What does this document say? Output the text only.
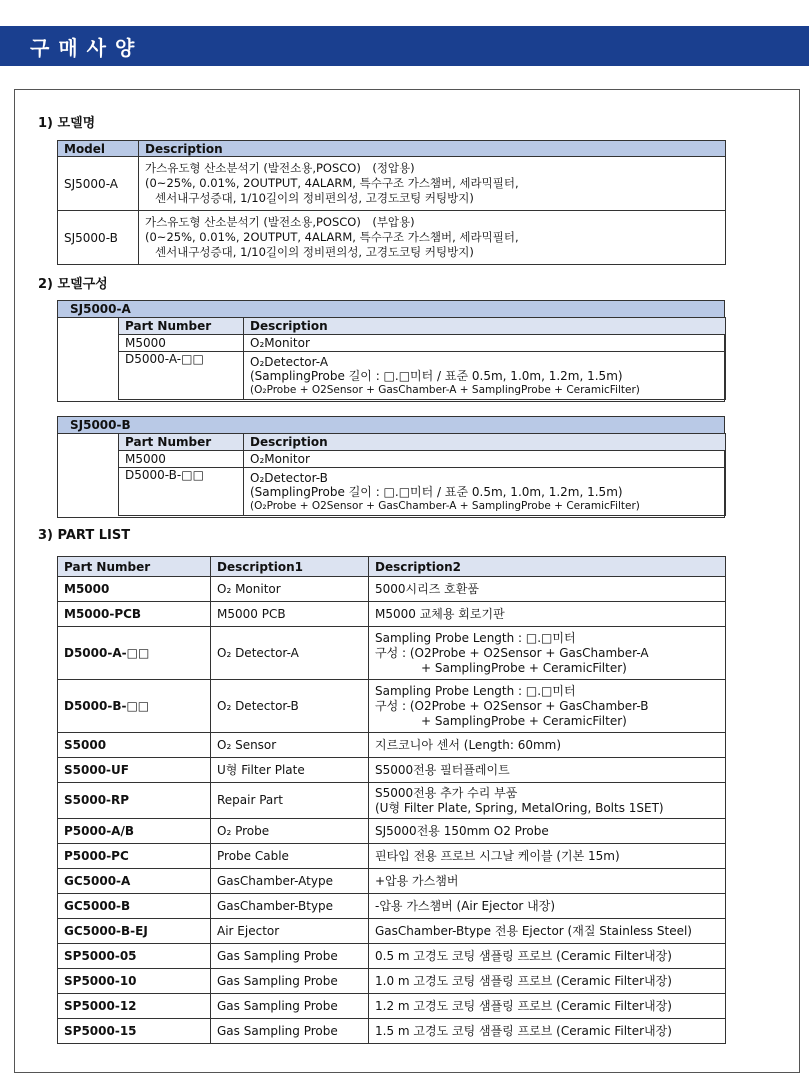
구매사양
1) 모델명
Model	Description
SJ5000-A	가스유도형 산소분석기 (발전소용,POSCO)　(정압용)
(0~25%, 0.01%, 2OUTPUT, 4ALARM, 특수구조 가스챔버, 세라믹필터,
센서내구성증대, 1/10길이의 정비편의성, 고경도코팅 커팅방지)

SJ5000-B	가스유도형 산소분석기 (발전소용,POSCO)　(부압용)
(0~25%, 0.01%, 2OUTPUT, 4ALARM, 특수구조 가스챔버, 세라믹필터,
센서내구성증대, 1/10길이의 정비편의성, 고경도코팅 커팅방지)
2) 모델구성
SJ5000-A
Part Number	Description
M5000	O₂Monitor
D5000-A-□□	O₂Detector-A
(SamplingProbe 길이 : □.□미터 / 표준 0.5m, 1.0m, 1.2m, 1.5m)
(O₂Probe + O2Sensor + GasChamber-A + SamplingProbe + CeramicFilter)
SJ5000-B
Part Number	Description
M5000	O₂Monitor
D5000-B-□□	O₂Detector-B
(SamplingProbe 길이 : □.□미터 / 표준 0.5m, 1.0m, 1.2m, 1.5m)
(O₂Probe + O2Sensor + GasChamber-A + SamplingProbe + CeramicFilter)
3) PART LIST
Part Number	Description1	Description2
M5000	O₂ Monitor	5000시리즈 호환품

M5000-PCB	M5000 PCB	M5000 교체용 회로기판

D5000-A-□□	O₂ Detector-A	Sampling Probe Length : □.□미터
구성 : (O2Probe + O2Sensor + GasChamber-A
+ SamplingProbe + CeramicFilter)

D5000-B-□□	O₂ Detector-B	Sampling Probe Length : □.□미터
구성 : (O2Probe + O2Sensor + GasChamber-B
+ SamplingProbe + CeramicFilter)

S5000	O₂ Sensor	지르코니아 센서 (Length: 60mm)

S5000-UF	U형 Filter Plate	S5000전용 필터플레이트

S5000-RP	Repair Part	S5000전용 추가 수리 부품
(U형 Filter Plate, Spring, MetalOring, Bolts 1SET)

P5000-A/B	O₂ Probe	SJ5000전용 150mm O2 Probe

P5000-PC	Probe Cable	핀타입 전용 프로브 시그날 케이블 (기본 15m)

GC5000-A	GasChamber-Atype	+압용 가스챔버

GC5000-B	GasChamber-Btype	-압용 가스챔버 (Air Ejector 내장)

GC5000-B-EJ	Air Ejector	GasChamber-Btype 전용 Ejector (재질 Stainless Steel)

SP5000-05	Gas Sampling Probe	0.5 m 고경도 코팅 샘플링 프로브 (Ceramic Filter내장)

SP5000-10	Gas Sampling Probe	1.0 m 고경도 코팅 샘플링 프로브 (Ceramic Filter내장)

SP5000-12	Gas Sampling Probe	1.2 m 고경도 코팅 샘플링 프로브 (Ceramic Filter내장)

SP5000-15	Gas Sampling Probe	1.5 m 고경도 코팅 샘플링 프로브 (Ceramic Filter내장)
